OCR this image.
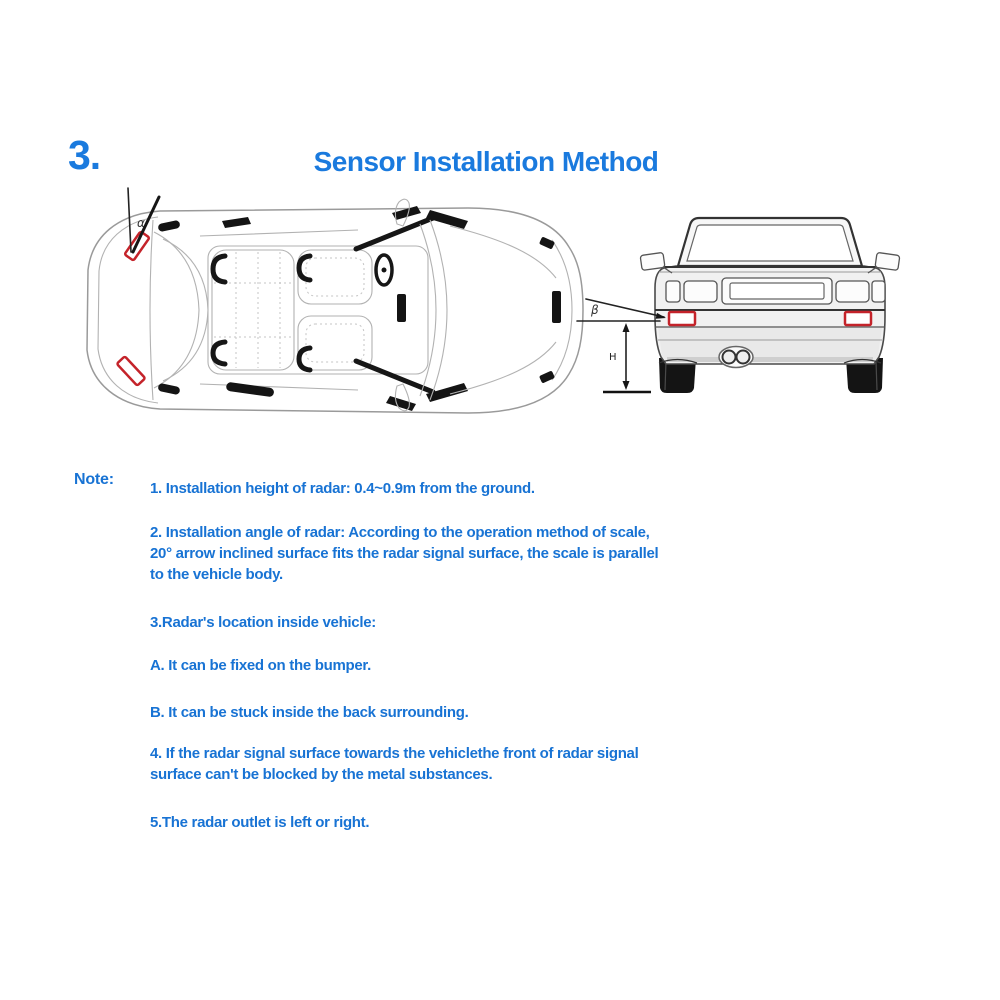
3.	Sensor Installation Method
α
β
H
Note:
1. Installation height of radar: 0.4~0.9m from the ground.
2. Installation angle of radar: According to the operation method of scale,
20° arrow inclined surface fits the radar signal surface, the scale is parallel
to the vehicle body.
3.Radar's location inside vehicle:
A. It can be fixed on the bumper.
B. It can be stuck inside the back surrounding.
4. If the radar signal surface towards the vehiclethe front of radar signal
surface can't be blocked by the metal substances.
5.The radar outlet is left or right.
